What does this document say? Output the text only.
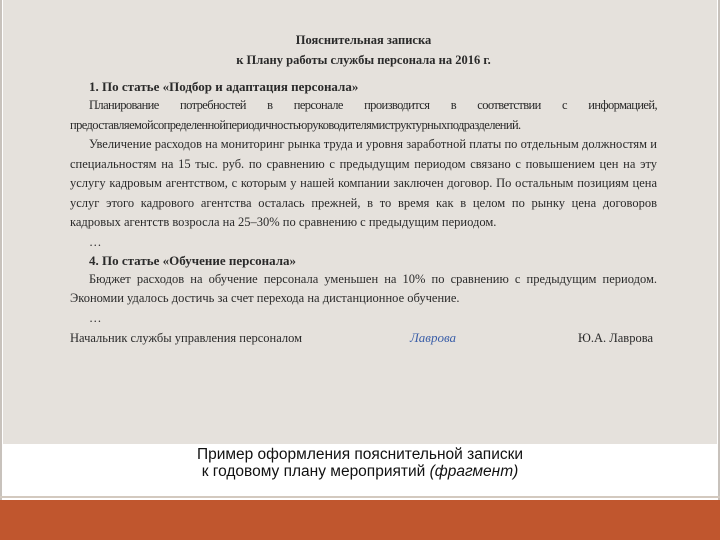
Пояснительная записка
к Плану работы службы персонала на 2016 г.
1. По статье «Подбор и адаптация персонала»

Планирование потребностей в персонале производится в соответствии с информацией, предоставляемойсопределеннойпериодичностьюруководителямиструктурныхподразделений.

Увеличение расходов на мониторинг рынка труда и уровня заработной платы по отдельным должностям и специальностям на 15 тыс. руб. по сравнению с предыдущим периодом связано с повышением цен на эту услугу кадровым агентством, с которым у нашей компании заключен договор. По остальным позициям цена услуг этого кадрового агентства осталась прежней, в то время как в целом по рынку цена договоров кадровых агентств возросла на 25–30% по сравнению с предыдущим периодом.

…
4. По статье «Обучение персонала»

Бюджет расходов на обучение персонала уменьшен на 10% по сравнению с предыдущим периодом. Экономии удалось достичь за счет перехода на дистанционное обучение.

…
Начальник службы управления персоналом	Лаврова	Ю.А. Лаврова
Пример оформления пояснительной записки
к годовому плану мероприятий (фрагмент)
